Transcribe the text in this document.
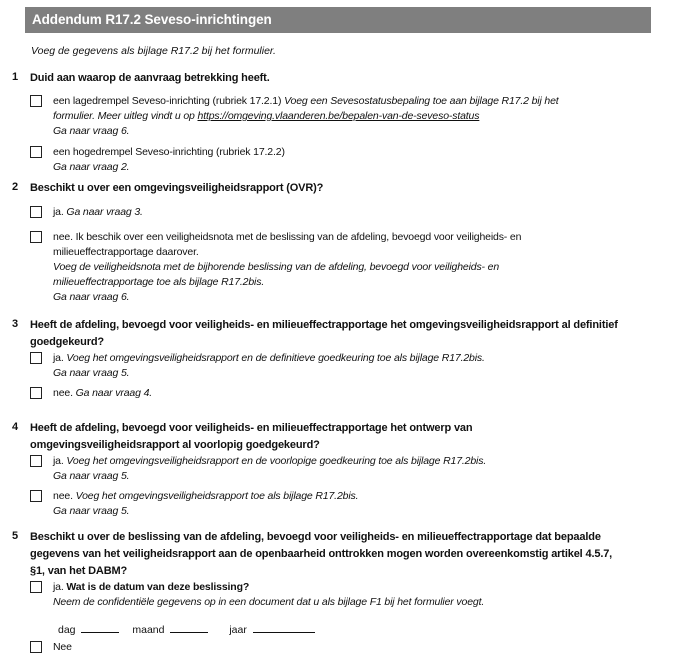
Addendum R17.2 Seveso-inrichtingen
Voeg de gegevens als bijlage R17.2 bij het formulier.
1 Duid aan waarop de aanvraag betrekking heeft.
een lagedrempel Seveso-inrichting (rubriek 17.2.1) Voeg een Sevesostatusbepaling toe aan bijlage R17.2 bij het
formulier. Meer uitleg vindt u op https://omgeving.vlaanderen.be/bepalen-van-de-seveso-status
Ga naar vraag 6.
een hogedrempel Seveso-inrichting (rubriek 17.2.2)
Ga naar vraag 2.
2 Beschikt u over een omgevingsveiligheidsrapport (OVR)?
ja. Ga naar vraag 3.
nee. Ik beschik over een veiligheidsnota met de beslissing van de afdeling, bevoegd voor veiligheids- en
milieueffectrapportage daarover.
Voeg de veiligheidsnota met de bijhorende beslissing van de afdeling, bevoegd voor veiligheids- en
milieueffectrapportage toe als bijlage R17.2bis.
Ga naar vraag 6.
3 Heeft de afdeling, bevoegd voor veiligheids- en milieueffectrapportage het omgevingsveiligheidsrapport al definitief
goedgekeurd?
ja. Voeg het omgevingsveiligheidsrapport en de definitieve goedkeuring toe als bijlage R17.2bis.
Ga naar vraag 5.
nee. Ga naar vraag 4.
4 Heeft de afdeling, bevoegd voor veiligheids- en milieueffectrapportage het ontwerp van
omgevingsveiligheidsrapport al voorlopig goedgekeurd?
ja. Voeg het omgevingsveiligheidsrapport en de voorlopige goedkeuring toe als bijlage R17.2bis.
Ga naar vraag 5.
nee. Voeg het omgevingsveiligheidsrapport toe als bijlage R17.2bis.
Ga naar vraag 5.
5 Beschikt u over de beslissing van de afdeling, bevoegd voor veiligheids- en milieueffectrapportage dat bepaalde
gegevens van het veiligheidsrapport aan de openbaarheid onttrokken mogen worden overeenkomstig artikel 4.5.7,
§1, van het DABM?
ja. Wat is de datum van deze beslissing?
Neem de confidentiële gegevens op in een document dat u als bijlage F1 bij het formulier voegt.
dag	maand	jaar
Nee
